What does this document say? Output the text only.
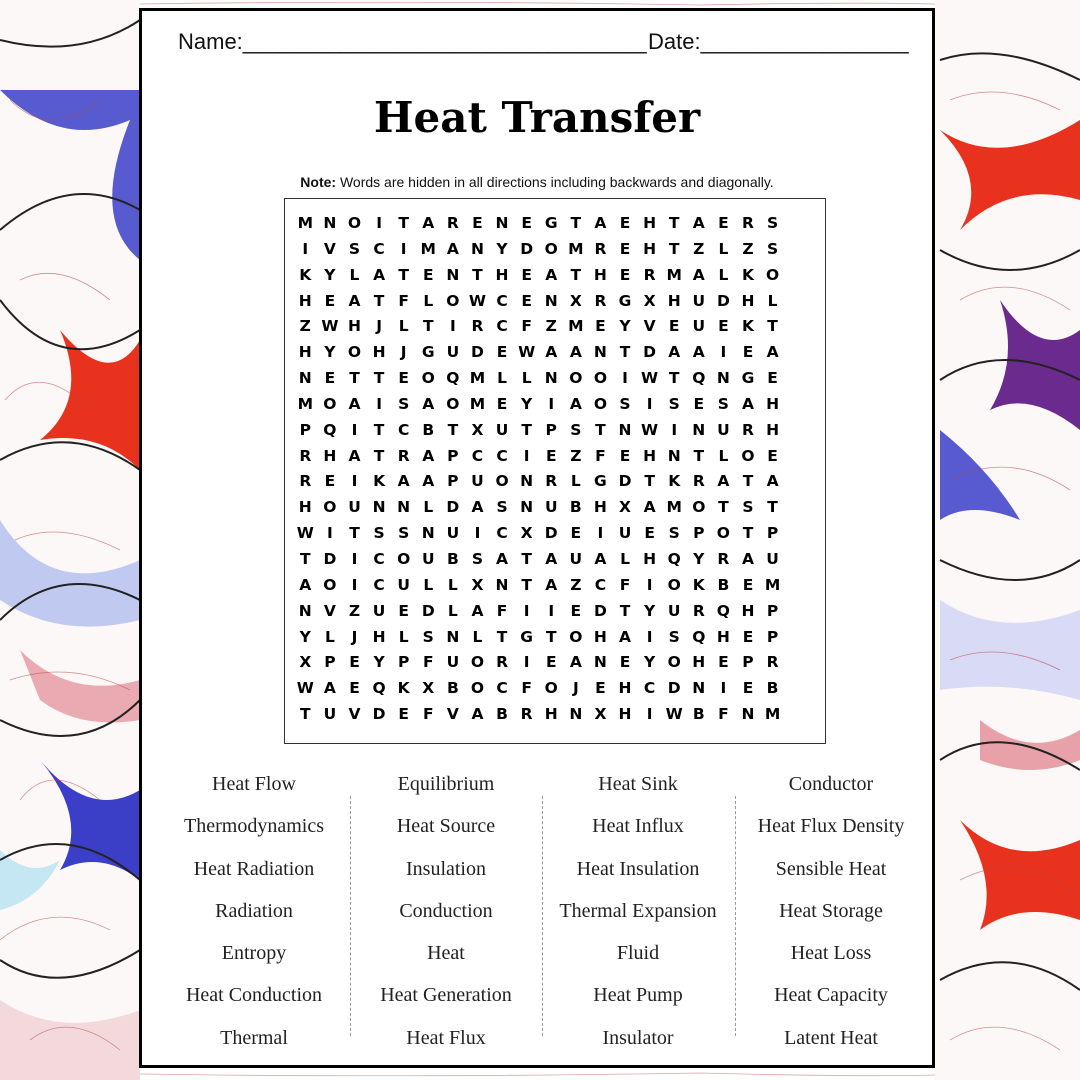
Name:_________________________________ Date:_________________
Heat Transfer
Note: Words are hidden in all directions including backwards and diagonally.
M N O I	T A R E N E G T A E H T A E R S
I	V S C	I M A N Y D O M R E H T Z L Z S
K Y L A T E N T H E A T H E R M A L K O
H E A T F L O W C E N X R G X H U D H L
Z W H J	L T	I	R C F Z M E Y V E U E K T
H Y O H J G U D E W A A N T D A A	I	E A
N E T T E O Q M L L N O O I W T Q N G E
M O A	I	S A O M E Y	I	A O S	I	S E S A H
P Q I	T C B T X U T P S T N W I N U R H
R H A T R A P C C	I	E Z F E H N T L O E
R E	I	K A A P U O N R L G D T K R A T A
H O U N N L D A S N U B H X A M O T S T
W I	T S S N U I	C X D E	I U E S P O T P
T D I	C O U B S A T A U A L H Q Y R A U
A O I	C U L L X N T A Z C F	I O K B E M
N V Z U E D L A F	I	I	E D T Y U R Q H P
Y L	J H L S N L T G T O H A	I	S Q H E P
X P E Y P F U O R	I	E A N E Y O H E P R
W A E Q K X B O C F O J	E H C D N I	E B
T U V D E F V A B R H N X H I W B F N M
Heat Flow
Thermodynamics
Heat Radiation
Radiation
Entropy
Heat Conduction
Thermal
Equilibrium
Heat Source
Insulation
Conduction
Heat
Heat Generation
Heat Flux
Heat Sink
Heat Influx
Heat Insulation
Thermal Expansion
Fluid
Heat Pump
Insulator
Conductor
Heat Flux Density
Sensible Heat
Heat Storage
Heat Loss
Heat Capacity
Latent Heat
